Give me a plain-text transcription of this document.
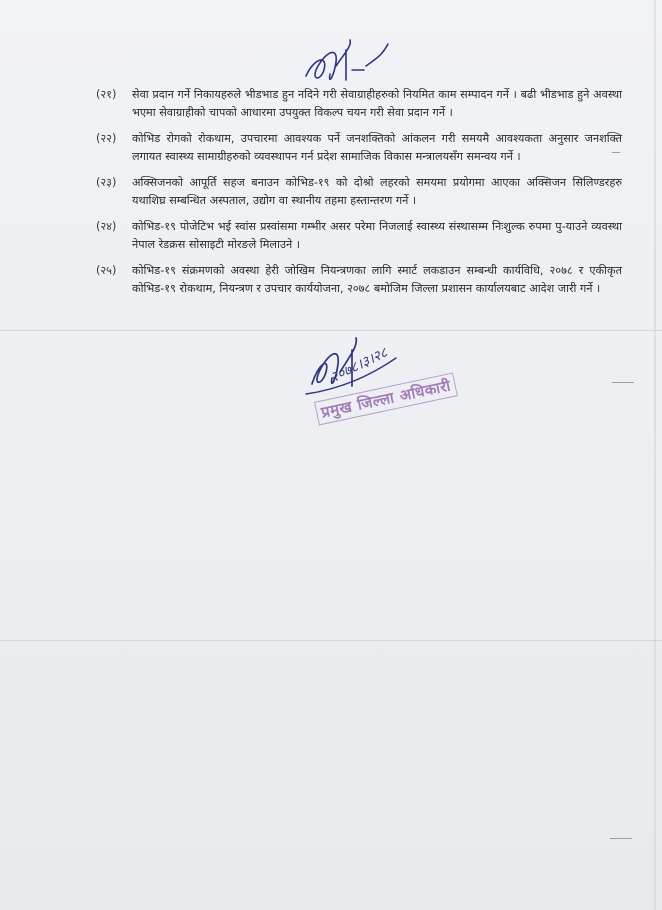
(२१)	सेवा प्रदान गर्ने निकायहरुले भीडभाड हुन नदिने गरी सेवाग्राहीहरुको नियमित काम सम्पादन गर्ने । बढी भीडभाड हुने अवस्था भएमा सेवाग्राहीको चापको आधारमा उपयुक्त विकल्प चयन गरी सेवा प्रदान गर्ने ।
(२२)	कोभिड रोगको रोकथाम, उपचारमा आवश्यक पर्ने जनशक्तिको आंकलन गरी समयमै आवश्यकता अनुसार जनशक्ति लगायत स्वास्थ्य सामाग्रीहरुको व्यवस्थापन गर्न प्रदेश सामाजिक विकास मन्त्रालयसँग समन्वय गर्ने ।
(२३)	अक्सिजनको आपूर्ति सहज बनाउन कोभिड-१९ को दोश्रो लहरको समयमा प्रयोगमा आएका अक्सिजन सिलिण्डरहरु यथाशिघ्र सम्बन्धित अस्पताल, उद्योग वा स्थानीय तहमा हस्तान्तरण गर्ने ।
(२४)	कोभिड-१९ पोजेटिभ भई स्वांस प्रस्वांसमा गम्भीर असर परेमा निजलाई स्वास्थ्य संस्थासम्म निःशुल्क रुपमा पु-याउने व्यवस्था नेपाल रेडक्रस सोसाइटी मोरङले मिलाउने ।
(२५)	कोभिड-१९ संक्रमणको अवस्था हेरी जोखिम नियन्त्रणका लागि स्मार्ट लकडाउन सम्बन्धी कार्यविधि, २०७८ र एकीकृत कोभिड-१९ रोकथाम, नियन्त्रण र उपचार कार्ययोजना, २०७८ बमोजिम जिल्ला प्रशासन कार्यालयबाट आदेश जारी गर्ने ।
२०७८।३।२८
प्रमुख जिल्ला अधिकारी
